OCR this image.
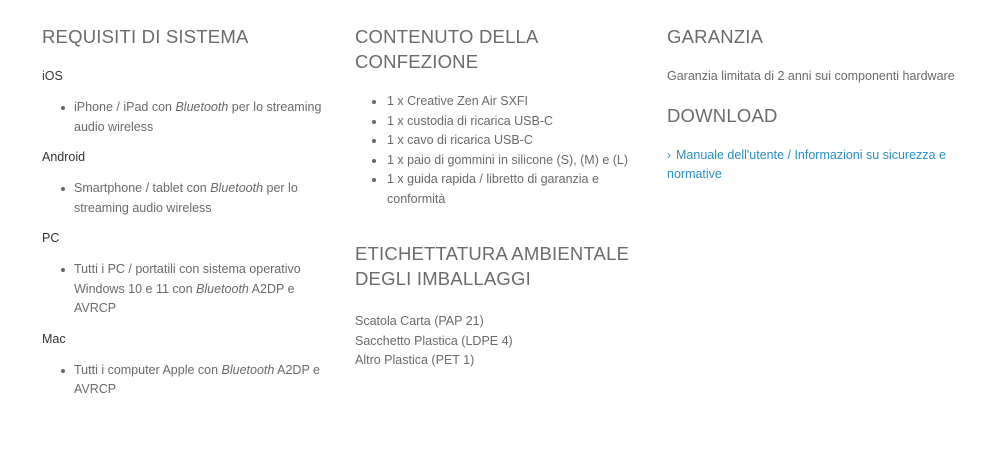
REQUISITI DI SISTEMA

iOS

iPhone / iPad con Bluetooth per lo streaming audio wireless

Android

Smartphone / tablet con Bluetooth per lo streaming audio wireless

PC

Tutti i PC / portatili con sistema operativo Windows 10 e 11 con Bluetooth A2DP e AVRCP

Mac

Tutti i computer Apple con Bluetooth A2DP e AVRCP
CONTENUTO DELLA CONFEZIONE
1 x Creative Zen Air SXFI
1 x custodia di ricarica USB-C
1 x cavo di ricarica USB-C
1 x paio di gommini in silicone (S), (M) e (L)
1 x guida rapida / libretto di garanzia e conformità
ETICHETTATURA AMBIENTALE DEGLI IMBALLAGGI
Scatola Carta (PAP 21)
Sacchetto Plastica (LDPE 4)
Altro Plastica (PET 1)
GARANZIA
Garanzia limitata di 2 anni sui componenti hardware
DOWNLOAD
› Manuale dell'utente / Informazioni su sicurezza e normative
